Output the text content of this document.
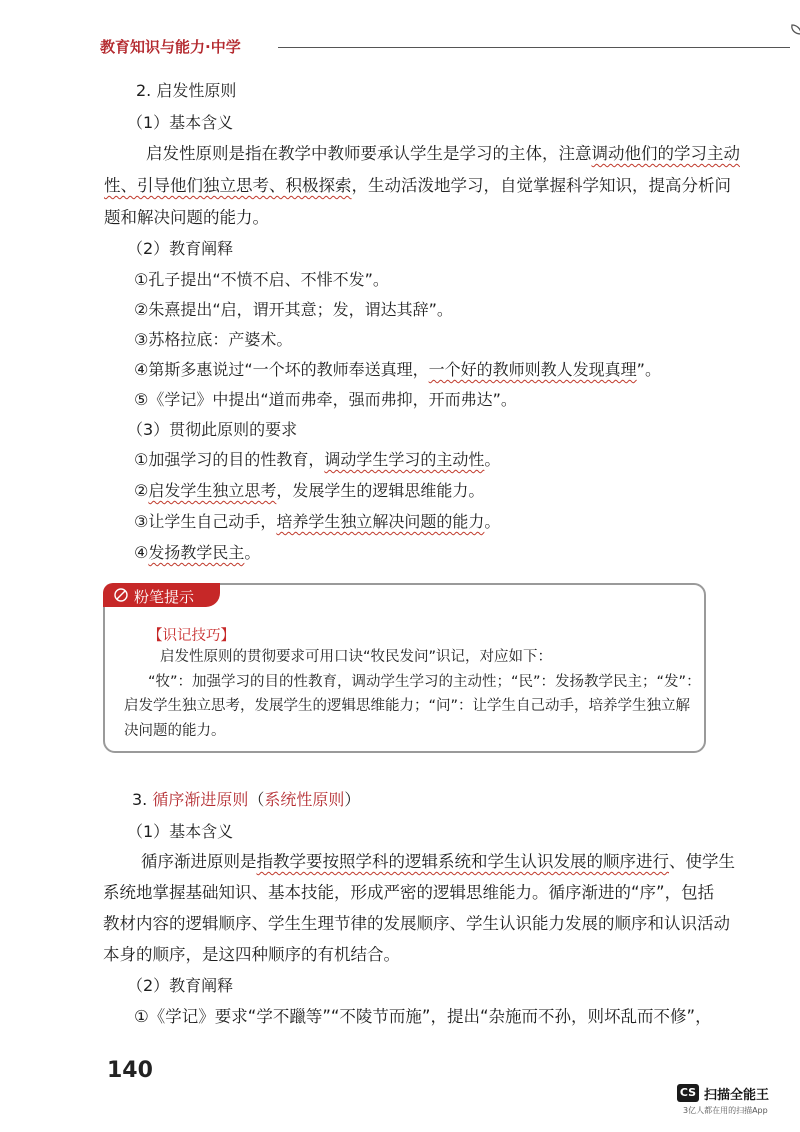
教育知识与能力·中学
2. 启发性原则
（1）基本含义
启发性原则是指在教学中教师要承认学生是学习的主体，注意调动他们的学习主动
性、引导他们独立思考、积极探索，生动活泼地学习，自觉掌握科学知识，提高分析问
题和解决问题的能力。
（2）教育阐释
①孔子提出“不愤不启、不悱不发”。
②朱熹提出“启，谓开其意；发，谓达其辞”。
③苏格拉底：产婆术。
④第斯多惠说过“一个坏的教师奉送真理，一个好的教师则教人发现真理”。
⑤《学记》中提出“道而弗牵，强而弗抑，开而弗达”。
（3）贯彻此原则的要求
①加强学习的目的性教育，调动学生学习的主动性。
②启发学生独立思考，发展学生的逻辑思维能力。
③让学生自己动手，培养学生独立解决问题的能力。
④发扬教学民主。
粉笔提示
【识记技巧】
启发性原则的贯彻要求可用口诀“牧民发问”识记，对应如下：
“牧”：加强学习的目的性教育，调动学生学习的主动性；“民”：发扬教学民主；“发”：
启发学生独立思考，发展学生的逻辑思维能力；“问”：让学生自己动手，培养学生独立解
决问题的能力。
3. 循序渐进原则（系统性原则）
（1）基本含义
循序渐进原则是指教学要按照学科的逻辑系统和学生认识发展的顺序进行、使学生
系统地掌握基础知识、基本技能，形成严密的逻辑思维能力。循序渐进的“序”，包括
教材内容的逻辑顺序、学生生理节律的发展顺序、学生认识能力发展的顺序和认识活动
本身的顺序，是这四种顺序的有机结合。
（2）教育阐释
①《学记》要求“学不躐等”“不陵节而施”，提出“杂施而不孙，则坏乱而不修”，
140
CS 扫描全能王
3亿人都在用的扫描App
